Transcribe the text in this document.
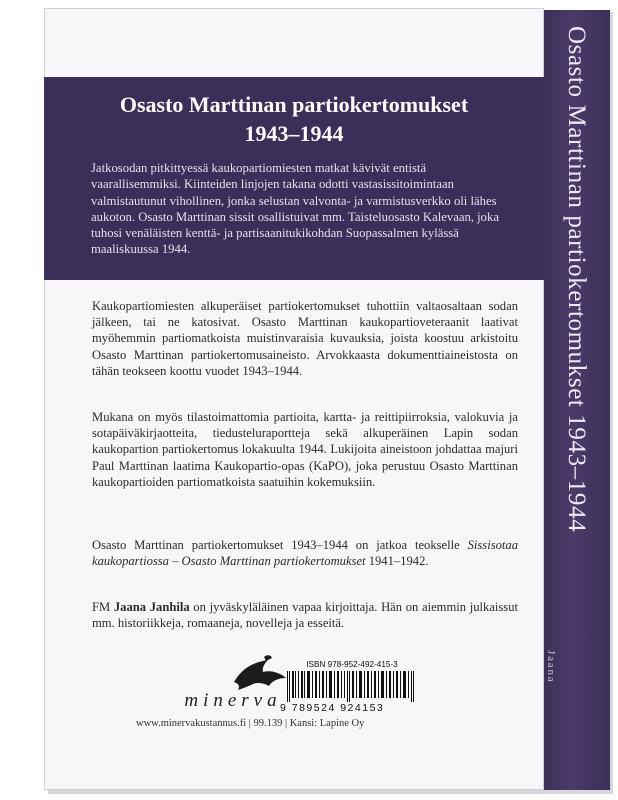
Osasto Marttinan partiokertomukset 1943–1944
Jaana
Osasto Marttinan partiokertomukset
1943–1944
Jatkosodan pitkittyessä kaukopartiomiesten matkat kävivät entistä vaarallisemmiksi. Kiinteiden linjojen takana odotti vastasissitoimintaan valmistautunut vihollinen, jonka selustan valvonta- ja varmistusverkko oli lähes aukoton. Osasto Marttinan sissit osallistuivat mm. Taisteluosasto Kalevaan, joka tuhosi venäläisten kenttä- ja partisaanitukikohdan Suopassalmen kylässä maaliskuussa 1944.
Kaukopartiomiesten alkuperäiset partiokertomukset tuhottiin valtaosaltaan sodan jälkeen, tai ne katosivat. Osasto Marttinan kaukopartioveteraanit laativat myöhemmin partiomatkoista muistinvaraisia kuvauksia, joista koostuu arkistoitu Osasto Marttinan partiokertomusaineisto. Arvokkaasta dokumenttiaineistosta on tähän teokseen koottu vuodet 1943–1944.
Mukana on myös tilastoimattomia partioita, kartta- ja reittipiirroksia, valokuvia ja sotapäiväkirjaotteita, tiedusteluraportteja sekä alkuperäinen Lapin sodan kaukopartion partiokertomus lokakuulta 1944. Lukijoita aineistoon johdattaa majuri Paul Marttinan laatima Kaukopartio-opas (KaPO), joka perustuu Osasto Marttinan kaukopartioiden partiomatkoista saatuihin kokemuksiin.
Osasto Marttinan partiokertomukset 1943–1944 on jatkoa teokselle Sissisotaa kaukopartiossa – Osasto Marttinan partiokertomukset 1941–1942.
FM Jaana Janhila on jyväskyläläinen vapaa kirjoittaja. Hän on aiemmin julkaissut mm. historiikkeja, romaaneja, novelleja ja esseitä.
minerva
www.minervakustannus.fi | 99.139 | Kansi: Lapine Oy
ISBN 978-952-492-415-3
9 789524 924153
